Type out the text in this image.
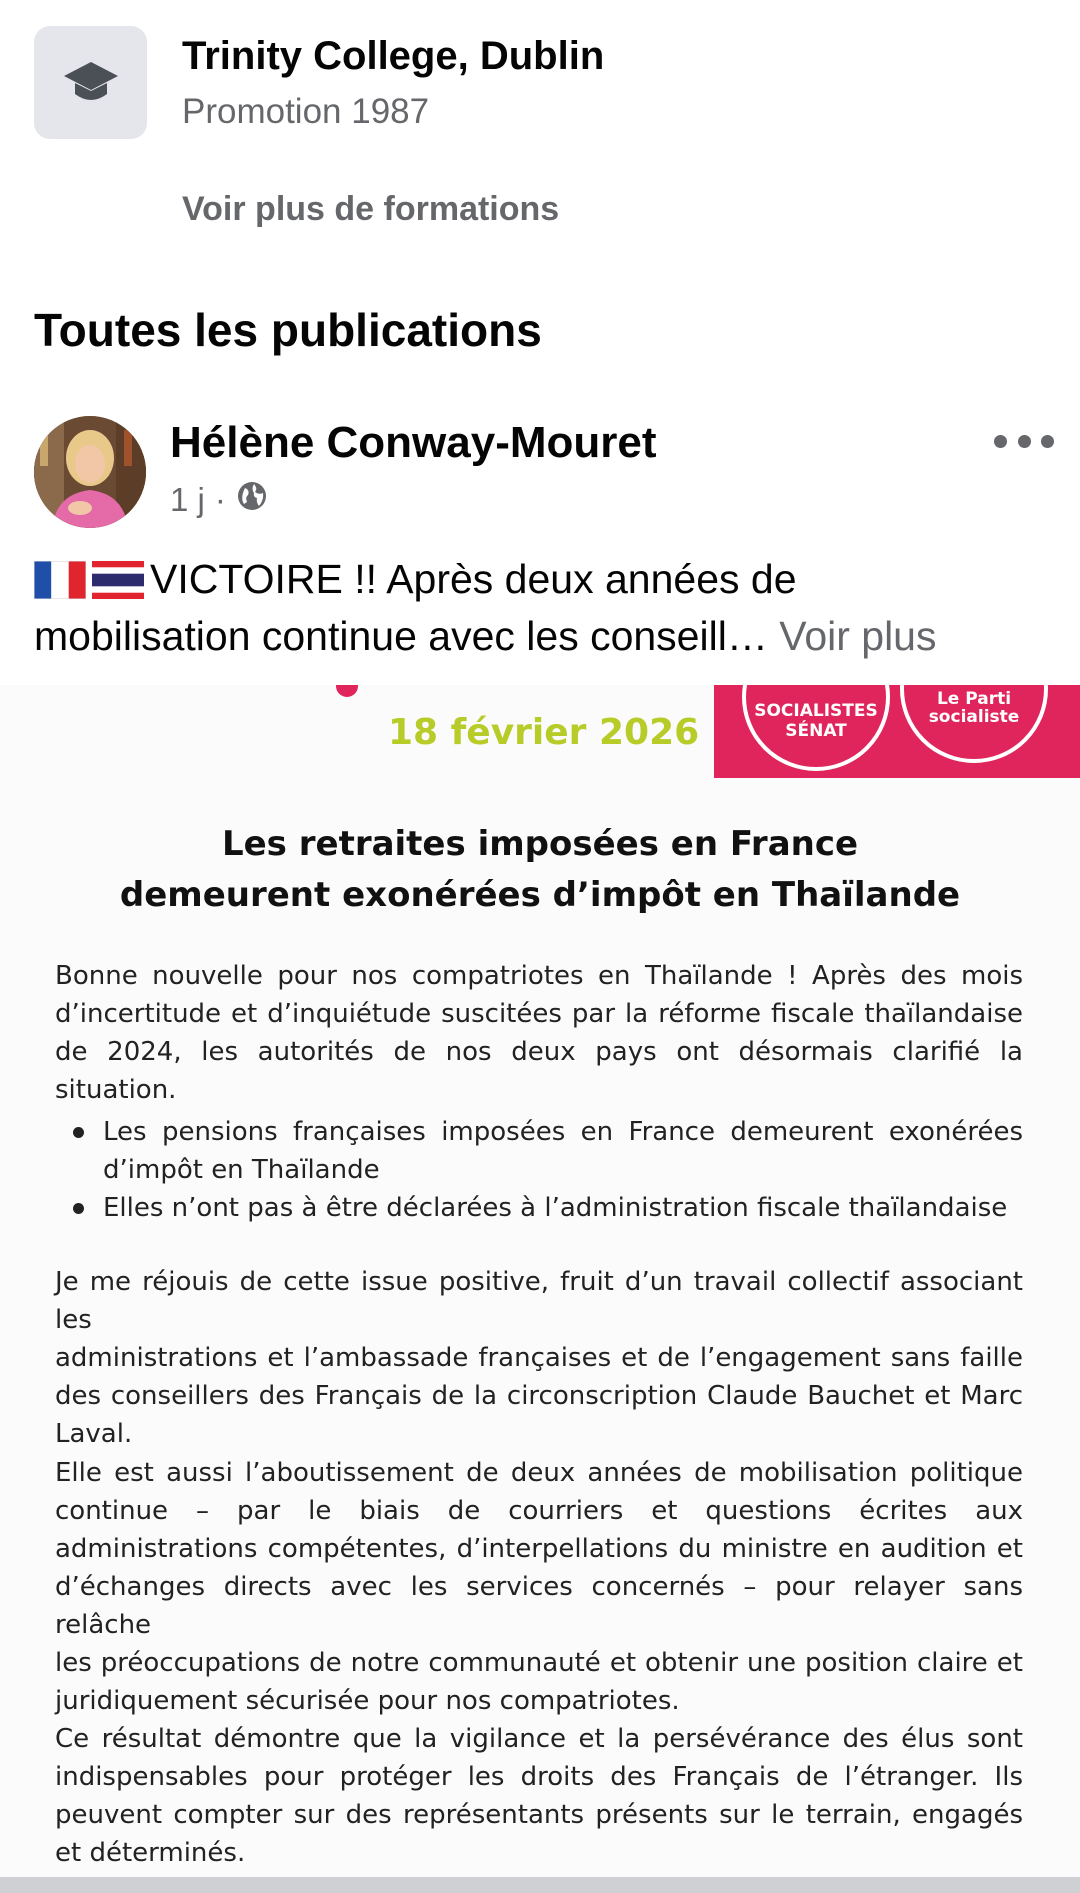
Trinity College, Dublin
Promotion 1987
Voir plus de formations
Toutes les publications
Hélène Conway-Mouret
1 j ·
VICTOIRE !! Après deux années de
mobilisation continue avec les conseill… Voir plus
18 février 2026
SOCIALISTES
SÉNAT
Le Parti
socialiste
Les retraites imposées en France
demeurent exonérées d’impôt en Thaïlande
Bonne nouvelle pour nos compatriotes en Thaïlande ! Après des mois
d’incertitude et d’inquiétude suscitées par la réforme fiscale thaïlandaise
de 2024, les autorités de nos deux pays ont désormais clarifié la situation.
Les pensions françaises imposées en France demeurent exonérées
d’impôt en Thaïlande
Elles n’ont pas à être déclarées à l’administration fiscale thaïlandaise
Je me réjouis de cette issue positive, fruit d’un travail collectif associant les
administrations et l’ambassade françaises et de l’engagement sans faille
des conseillers des Français de la circonscription Claude Bauchet et Marc
Laval.
Elle est aussi l’aboutissement de deux années de mobilisation politique
continue – par le biais de courriers et questions écrites aux
administrations compétentes, d’interpellations du ministre en audition et
d’échanges directs avec les services concernés – pour relayer sans relâche
les préoccupations de notre communauté et obtenir une position claire et
juridiquement sécurisée pour nos compatriotes.
Ce résultat démontre que la vigilance et la persévérance des élus sont
indispensables pour protéger les droits des Français de l’étranger. Ils
peuvent compter sur des représentants présents sur le terrain, engagés
et déterminés.
